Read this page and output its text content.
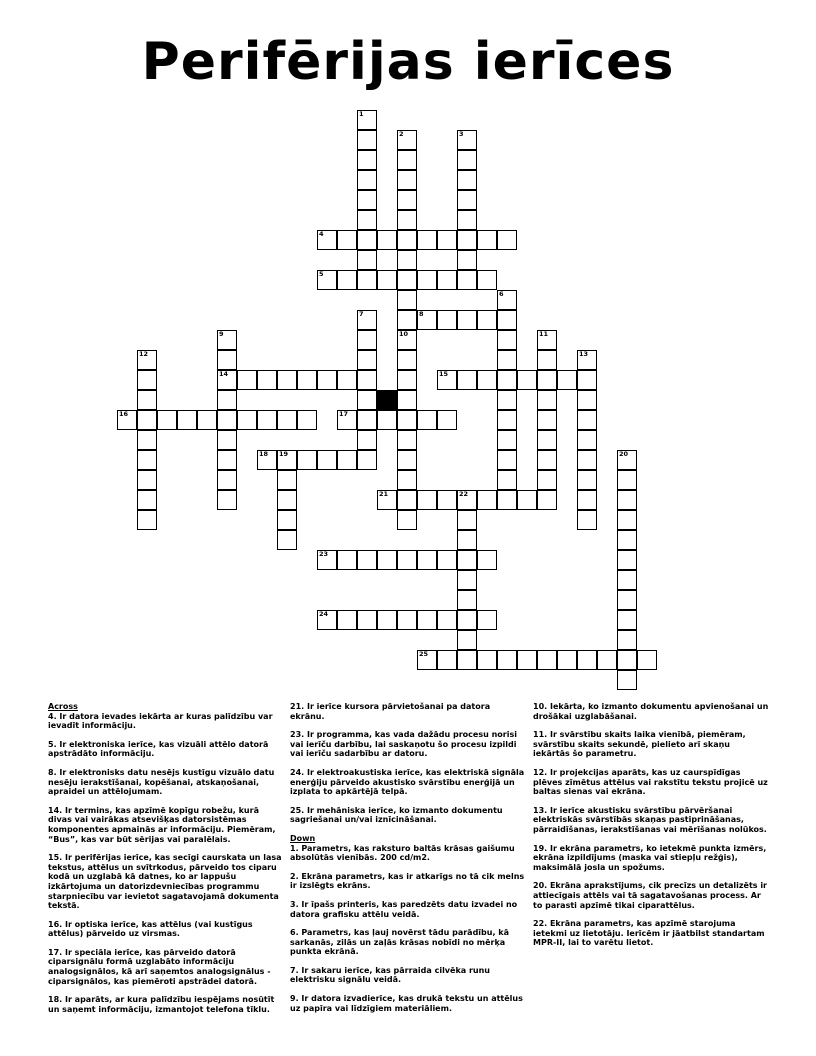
Perifērijas ierīces
1
2	3
4
5
6
7	8
9
14
10	11
12	13
15
16	17
18 19	20
21	22
23
24
25
Across
4. Ir datora ievades iekārta ar kuras palīdzību var ievadīt informāciju.
5. Ir elektroniska ierīce, kas vizuāli attēlo datorā apstrādāto informāciju.
8. Ir elektronisks datu nesējs kustīgu vizuālo datu nesēju ierakstīšanai, kopēšanai, atskaņošanai, apraidei un attēlojumam.
14. Ir termins, kas apzīmē kopīgu robežu, kurā divas vai vairākas atsevišķas datorsistēmas komponentes apmainās ar informāciju. Piemēram, “Bus”, kas var būt sērijas vai paralēlais.
15. Ir perifērijas ierīce, kas secīgi caurskata un lasa tekstus, attēlus un svītrkodus, pārveido tos ciparu kodā un uzglabā kā datnes, ko ar lappušu izkārtojuma un datorizdevniecības programmu starpniecību var ievietot sagatavojamā dokumenta tekstā.
16. Ir optiska ierīce, kas attēlus (vai kustīgus attēlus) pārveido uz virsmas.
17. Ir speciāla ierīce, kas pārveido datorā ciparsignālu formā uzglabāto informāciju analogsignālos, kā arī saņemtos analogsignālus - ciparsignālos, kas piemēroti apstrādei datorā.
18. Ir aparāts, ar kura palīdzību iespējams nosūtīt un saņemt informāciju, izmantojot telefona tīklu.
21. Ir ierīce kursora pārvietošanai pa datora ekrānu.
23. Ir programma, kas vada dažādu procesu norisi vai ierīču darbību, lai saskaņotu šo procesu izpildi vai ierīču sadarbību ar datoru.
24. Ir elektroakustiska ierīce, kas elektriskā signāla enerģiju pārveido akustisko svārstību enerģijā un izplata to apkārtējā telpā.
25. Ir mehāniska ierīce, ko izmanto dokumentu sagriešanai un/vai iznīcināšanai.
Down
1. Parametrs, kas raksturo baltās krāsas gaišumu absolūtās vienībās. 200 cd/m2.
2. Ekrāna parametrs, kas ir atkarīgs no tā cik melns ir izslēgts ekrāns.
3. Ir īpašs printeris, kas paredzēts datu izvadei no datora grafisku attēlu veidā.
6. Parametrs, kas ļauj novērst tādu parādību, kā sarkanās, zilās un zaļās krāsas nobīdi no mērķa punkta ekrānā.
7. Ir sakaru ierīce, kas pārraida cilvēka runu elektrisku signālu veidā.
9. Ir datora izvadierīce, kas drukā tekstu un attēlus uz papīra vai līdzīgiem materiāliem.
10. Iekārta, ko izmanto dokumentu apvienošanai un drošākai uzglabāšanai.
11. Ir svārstību skaits laika vienībā, piemēram, svārstību skaits sekundē, pielieto arī skaņu iekārtās šo parametru.
12. Ir projekcijas aparāts, kas uz caurspīdīgas plēves zīmētus attēlus vai rakstītu tekstu projicē uz baltas sienas vai ekrāna.
13. Ir ierīce akustisku svārstību pārvēršanai elektriskās svārstībās skaņas pastiprināšanas, pārraidīšanas, ierakstīšanas vai mērīšanas nolūkos.
19. Ir ekrāna parametrs, ko ietekmē punkta izmērs, ekrāna izpildījums (maska vai stiepļu režģis), maksimālā josla un spožums.
20. Ekrāna aprakstījums, cik precīzs un detalizēts ir attiecīgais attēls vai tā sagatavošanas process. Ar to parasti apzīmē tikai ciparattēlus.
22. Ekrāna parametrs, kas apzīmē starojuma ietekmi uz lietotāju. Ierīcēm ir jāatbilst standartam MPR-II, lai to varētu lietot.
